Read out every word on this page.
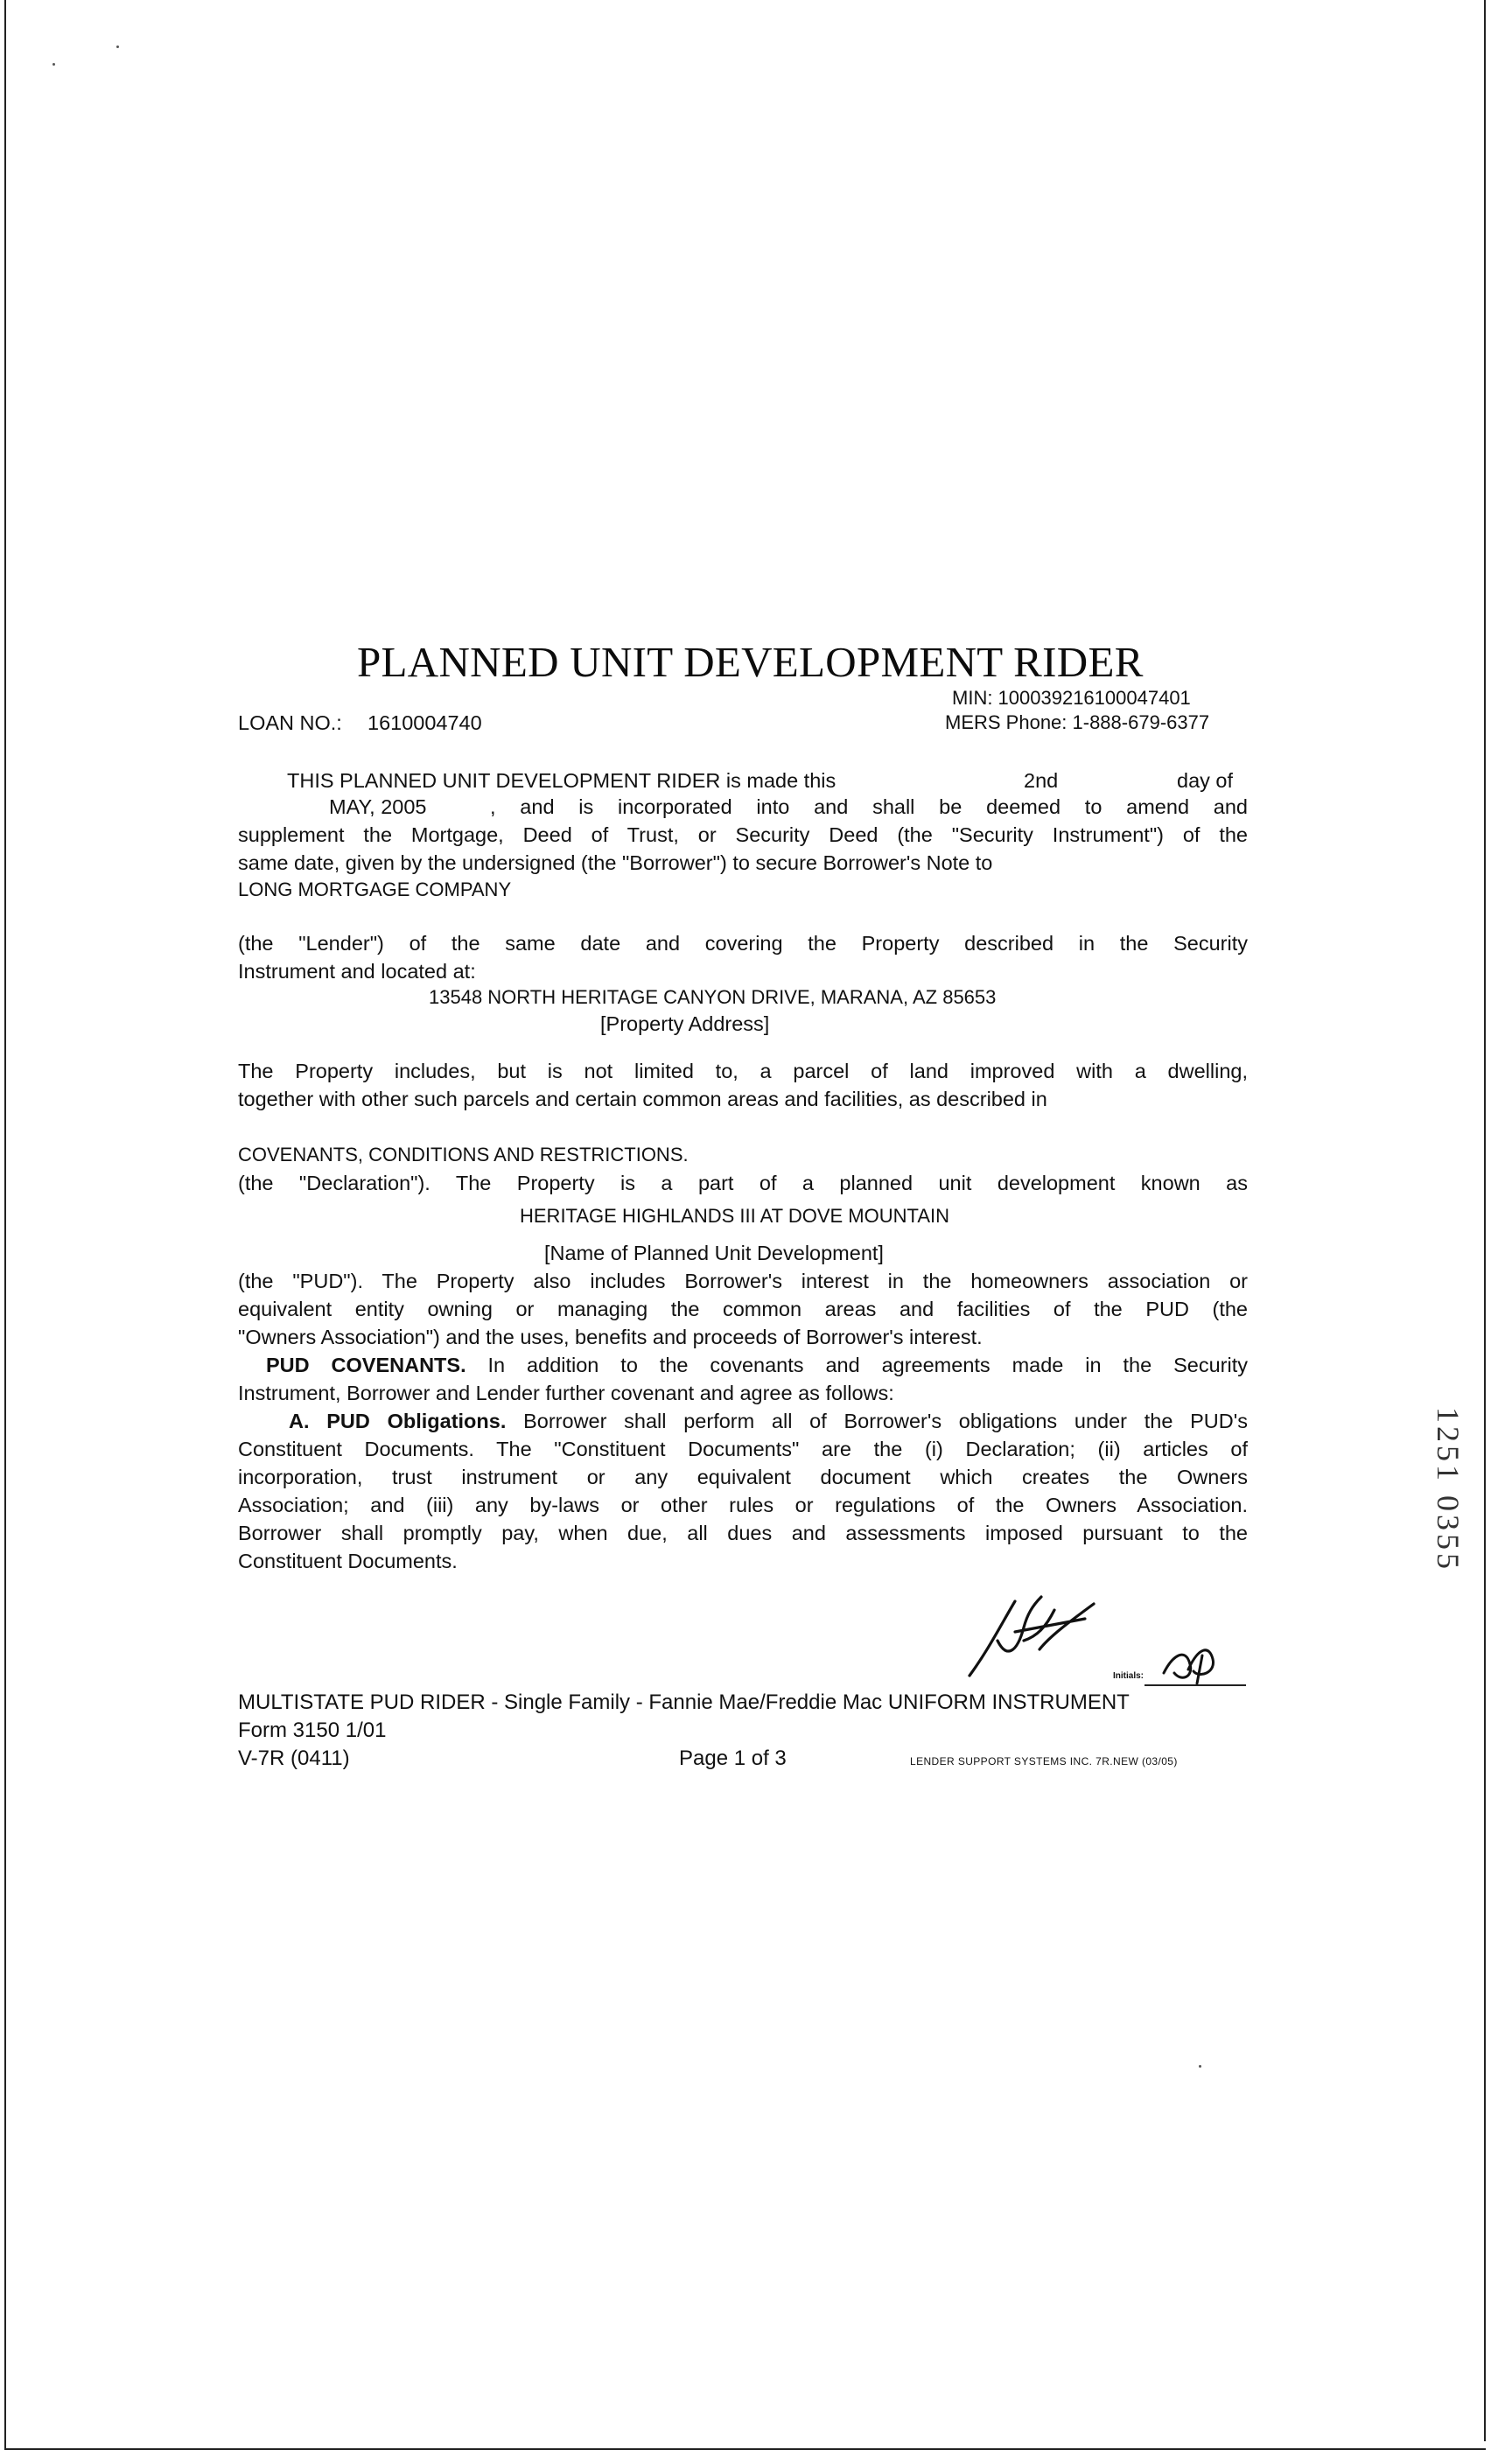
PLANNED UNIT DEVELOPMENT RIDER
MIN: 100039216100047401
LOAN NO.: 1610004740	MERS Phone: 1-888-679-6377
THIS PLANNED UNIT DEVELOPMENT RIDER is made this	2nd	day of
MAY, 2005	, and is incorporated into and shall be deemed to amend and
supplement the Mortgage, Deed of Trust, or Security Deed (the "Security Instrument") of the
same date, given by the undersigned (the "Borrower") to secure Borrower's Note to
LONG MORTGAGE COMPANY
(the "Lender") of the same date and covering the Property described in the Security
Instrument and located at:
13548 NORTH HERITAGE CANYON DRIVE, MARANA, AZ 85653
[Property Address]
The Property includes, but is not limited to, a parcel of land improved with a dwelling,
together with other such parcels and certain common areas and facilities, as described in
COVENANTS, CONDITIONS AND RESTRICTIONS.
(the "Declaration"). The Property is a part of a planned unit development known as
HERITAGE HIGHLANDS III AT DOVE MOUNTAIN
[Name of Planned Unit Development]
(the "PUD"). The Property also includes Borrower's interest in the homeowners association or
equivalent entity owning or managing the common areas and facilities of the PUD (the
"Owners Association") and the uses, benefits and proceeds of Borrower's interest.
PUD COVENANTS. In addition to the covenants and agreements made in the Security
Instrument, Borrower and Lender further covenant and agree as follows:
A. PUD Obligations. Borrower shall perform all of Borrower's obligations under the PUD's
Constituent Documents. The "Constituent Documents" are the (i) Declaration; (ii) articles of
incorporation, trust instrument or any equivalent document which creates the Owners
Association; and (iii) any by-laws or other rules or regulations of the Owners Association.
Borrower shall promptly pay, when due, all dues and assessments imposed pursuant to the
Constituent Documents.
Initials:
MULTISTATE PUD RIDER - Single Family - Fannie Mae/Freddie Mac UNIFORM INSTRUMENT
Form 3150 1/01
V-7R (0411)	Page 1 of 3	LENDER SUPPORT SYSTEMS INC. 7R.NEW (03/05)
1251 0355
